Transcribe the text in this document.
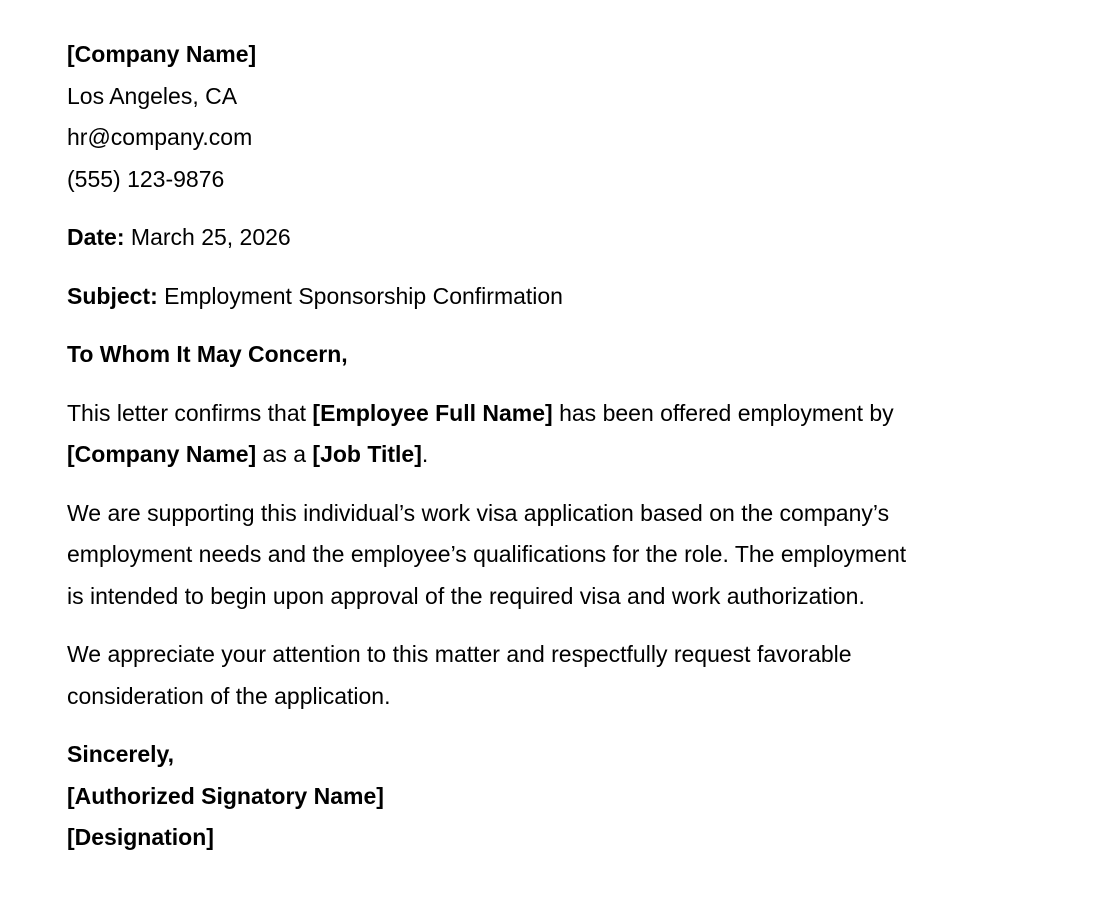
[Company Name]

Los Angeles, CA

hr@company.com

(555) 123-9876

Date: March 25, 2026

Subject: Employment Sponsorship Confirmation

To Whom It May Concern,

This letter confirms that [Employee Full Name] has been offered employment by

[Company Name] as a [Job Title].

We are supporting this individual’s work visa application based on the company’s

employment needs and the employee’s qualifications for the role. The employment

is intended to begin upon approval of the required visa and work authorization.

We appreciate your attention to this matter and respectfully request favorable

consideration of the application.

Sincerely,

[Authorized Signatory Name]

[Designation]
